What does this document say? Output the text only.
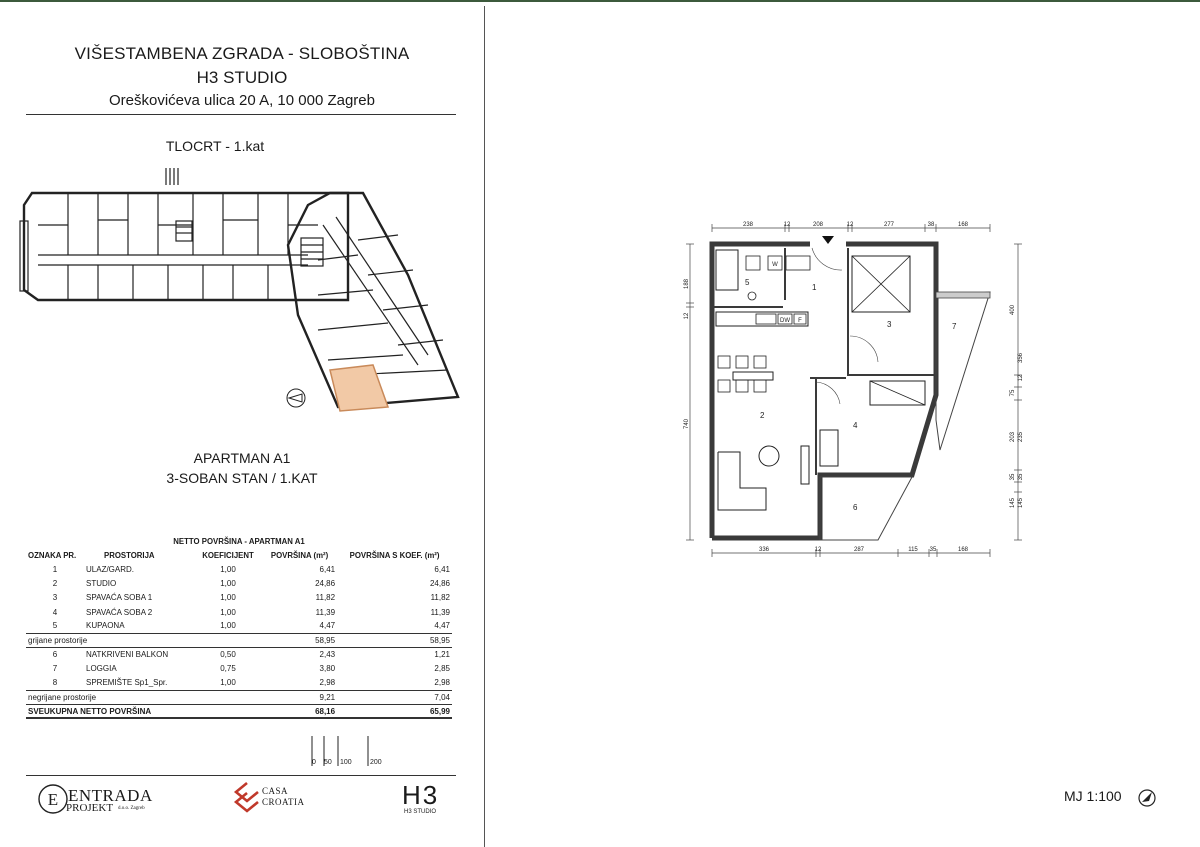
VIŠESTAMBENA ZGRADA - SLOBOŠTINA
H3 STUDIO
Oreškovićeva ulica 20 A, 10 000 Zagreb
TLOCRT - 1.kat
APARTMAN A1
3-SOBAN STAN / 1.KAT
NETTO POVRŠINA - APARTMAN A1				
OZNAKA PR.	PROSTORIJA	KOEFICIJENT	POVRŠINA (m²)	POVRŠINA S KOEF. (m²)
1	ULAZ/GARD.	1,00	6,41	6,41
2	STUDIO	1,00	24,86	24,86
3	SPAVAĆA SOBA 1	1,00	11,82	11,82
4	SPAVAĆA SOBA 2	1,00	11,39	11,39
5	KUPAONA	1,00	4,47	4,47
grijane prostorije			58,95	58,95
6	NATKRIVENI BALKON	0,50	2,43	1,21
7	LOGGIA	0,75	3,80	2,85
8	SPREMIŠTE Sp1_Spr.	1,00	2,98	2,98
negrijane prostorije			9,21	7,04
SVEUKUPNA NETTO POVRŠINA			68,16	65,99
0 50 100	200
E ENTRADA
PROJEKT d.o.o. Zagreb
CASA
CROATIA	H3
H3 STUDIO
238	12	208	12	277	38	168
336	12	287	115 35	168
188
12
740
400
356
75
12
203 235
35 35
145 145
DW F
W
1
2
3
4
5
6
7
MJ 1:100
